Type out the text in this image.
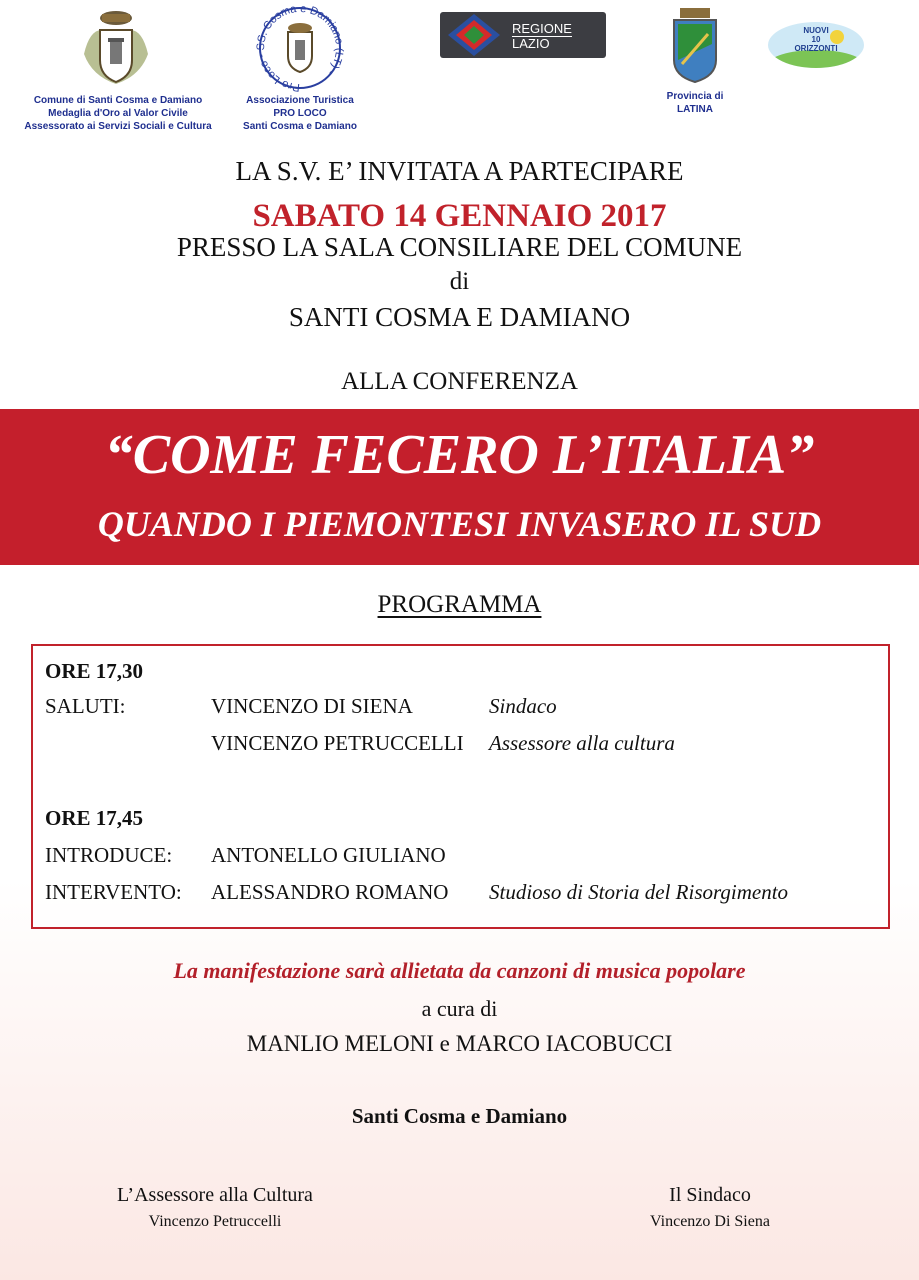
Comune di Santi Cosma e Damiano
Medaglia d'Oro al Valor Civile
Assessorato ai Servizi Sociali e Cultura
Pro Loco - SS. Cosma e Damiano (LT) -
Associazione Turistica
PRO LOCO
Santi Cosma e Damiano
REGIONE
LAZIO
Provincia di
LATINA
NUOVI
10
ORIZZONTI
LA S.V. E’ INVITATA A PARTECIPARE
SABATO 14 GENNAIO 2017
PRESSO LA SALA CONSILIARE DEL COMUNE
di
SANTI COSMA E DAMIANO
ALLA CONFERENZA
“COME FECERO L’ITALIA”
QUANDO I PIEMONTESI INVASERO IL SUD
PROGRAMMA
ORE 17,30
SALUTI:	VINCENZO DI SIENA	Sindaco
VINCENZO PETRUCCELLI Assessore alla cultura
ORE 17,45
INTRODUCE: ANTONELLO GIULIANO
INTERVENTO: ALESSANDRO ROMANO Studioso di Storia del Risorgimento
La manifestazione sarà allietata da canzoni di musica popolare
a cura di
MANLIO MELONI e MARCO IACOBUCCI
Santi Cosma e Damiano
L’Assessore alla Cultura
Vincenzo Petruccelli
Il Sindaco
Vincenzo Di Siena
